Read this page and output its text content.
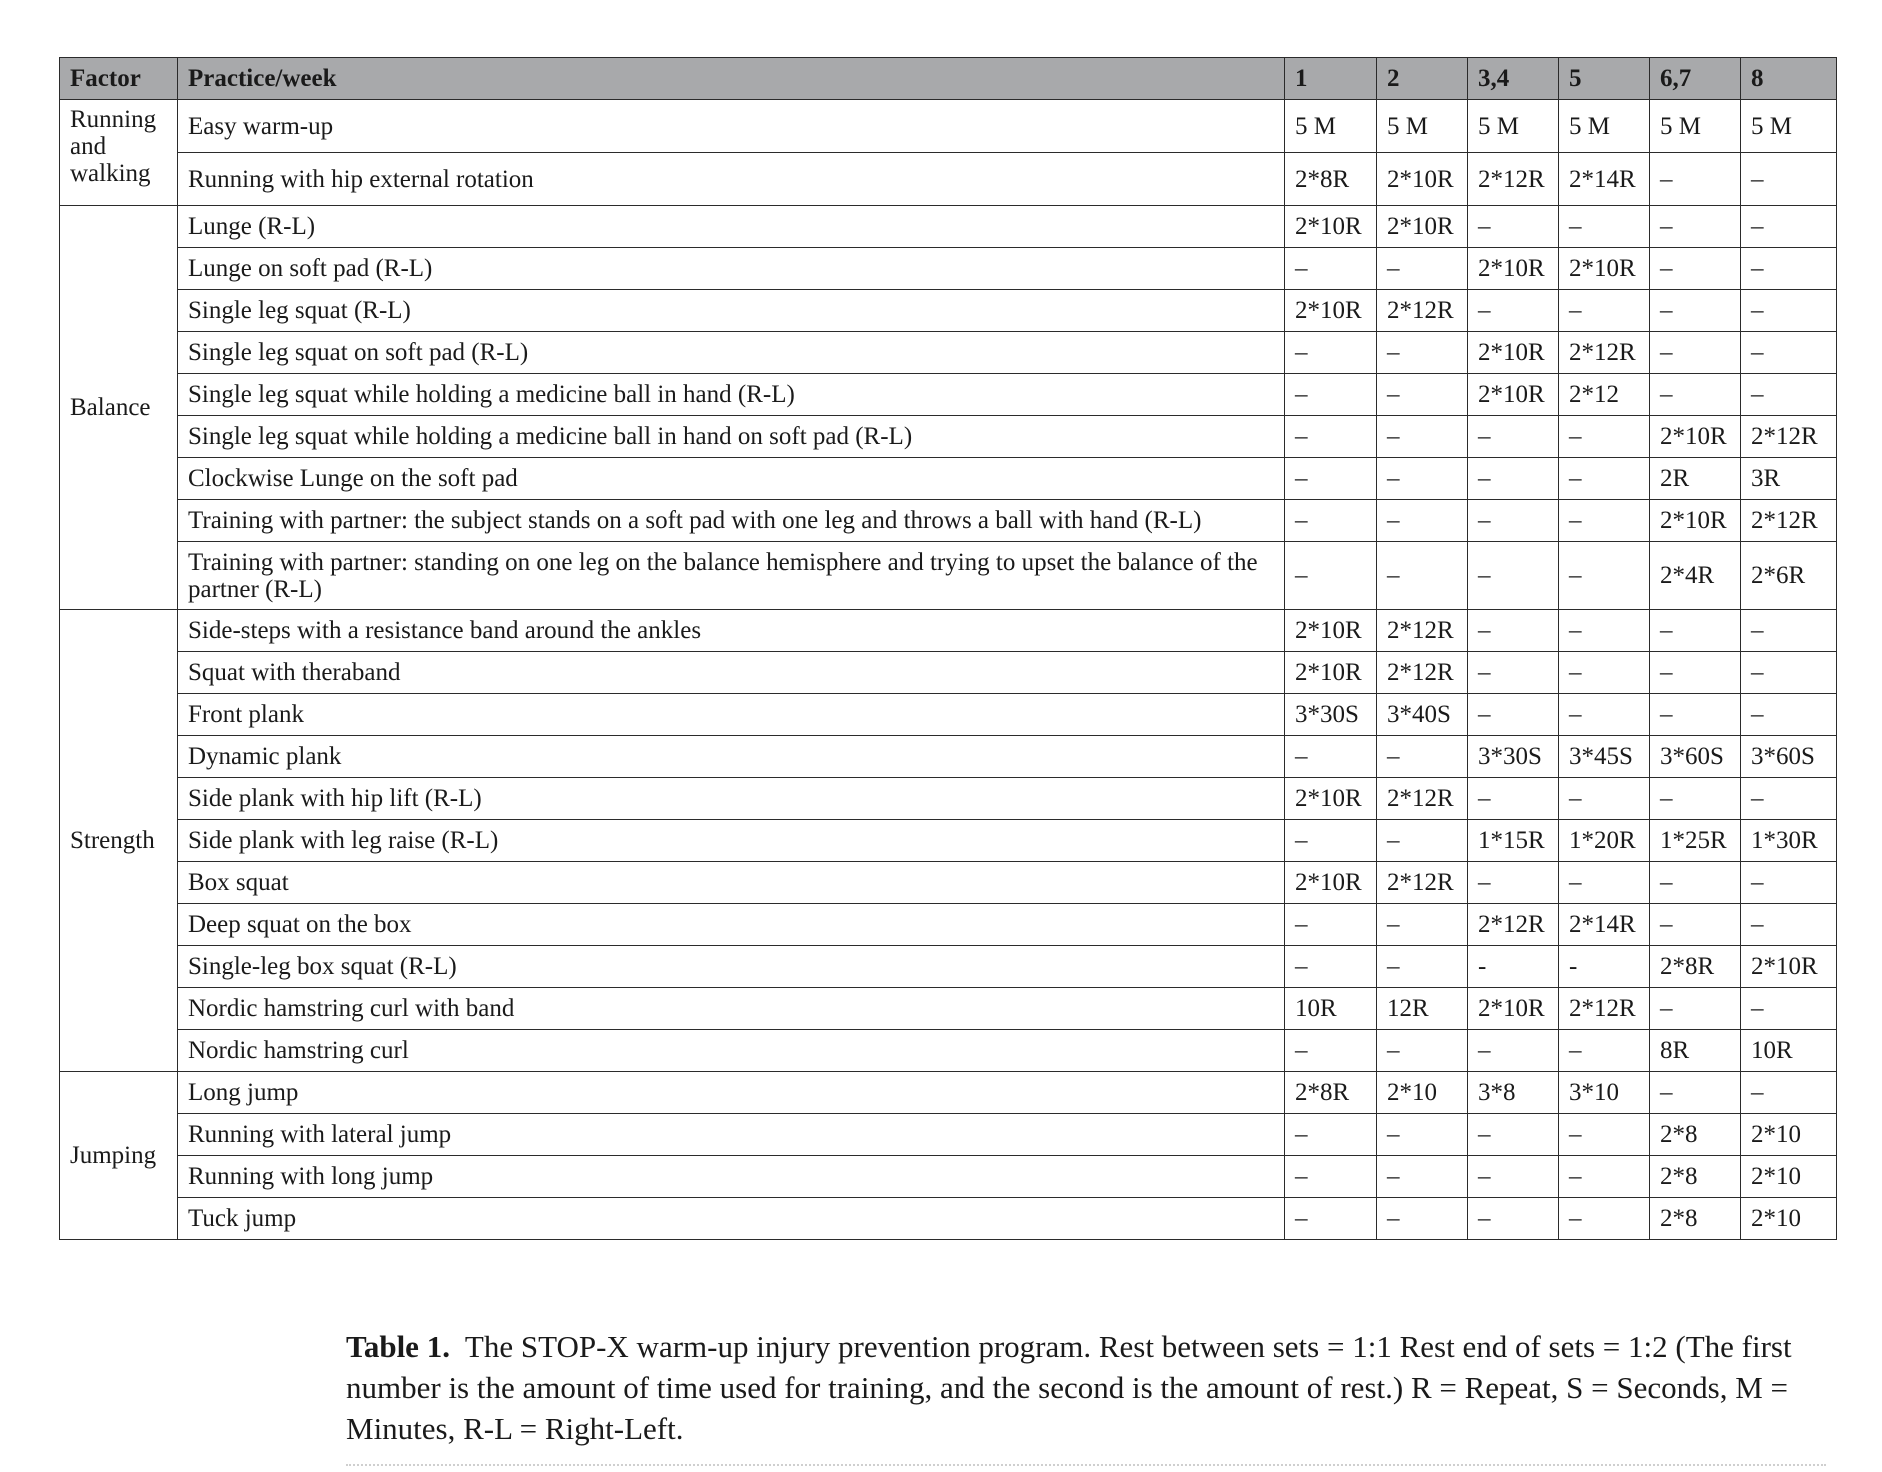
Factor	Practice/week	1	2	3,4	5	6,7	8
Running and walking	Easy warm-up	5 M	5 M	5 M	5 M	5 M	5 M
	Running with hip external rotation	2*8R	2*10R	2*12R	2*14R	–	–
Balance	Lunge (R-L)	2*10R	2*10R	–	–	–	–
	Lunge on soft pad (R-L)	–	–	2*10R	2*10R	–	–
	Single leg squat (R-L)	2*10R	2*12R	–	–	–	–
	Single leg squat on soft pad (R-L)	–	–	2*10R	2*12R	–	–
	Single leg squat while holding a medicine ball in hand (R-L)	–	–	2*10R	2*12	–	–
	Single leg squat while holding a medicine ball in hand on soft pad (R-L)	–	–	–	–	2*10R	2*12R
	Clockwise Lunge on the soft pad	–	–	–	–	2R	3R
	Training with partner: the subject stands on a soft pad with one leg and throws a ball with hand (R-L)	–	–	–	–	2*10R	2*12R
	Training with partner: standing on one leg on the balance hemisphere and trying to upset the balance of the partner (R-L)	–	–	–	–	2*4R	2*6R
Strength	Side-steps with a resistance band around the ankles	2*10R	2*12R	–	–	–	–
	Squat with theraband	2*10R	2*12R	–	–	–	–
	Front plank	3*30S	3*40S	–	–	–	–
	Dynamic plank	–	–	3*30S	3*45S	3*60S	3*60S
	Side plank with hip lift (R-L)	2*10R	2*12R	–	–	–	–
	Side plank with leg raise (R-L)	–	–	1*15R	1*20R	1*25R	1*30R
	Box squat	2*10R	2*12R	–	–	–	–
	Deep squat on the box	–	–	2*12R	2*14R	–	–
	Single-leg box squat (R-L)	–	–	-	-	2*8R	2*10R
	Nordic hamstring curl with band	10R	12R	2*10R	2*12R	–	–
	Nordic hamstring curl	–	–	–	–	8R	10R
Jumping	Long jump	2*8R	2*10	3*8	3*10	–	–
	Running with lateral jump	–	–	–	–	2*8	2*10
	Running with long jump	–	–	–	–	2*8	2*10
	Tuck jump	–	–	–	–	2*8	2*10
Table 1. The STOP-X warm-up injury prevention program. Rest between sets = 1:1 Rest end of sets = 1:2 (The first number is the amount of time used for training, and the second is the amount of rest.) R = Repeat, S = Seconds, M = Minutes, R-L = Right-Left.
